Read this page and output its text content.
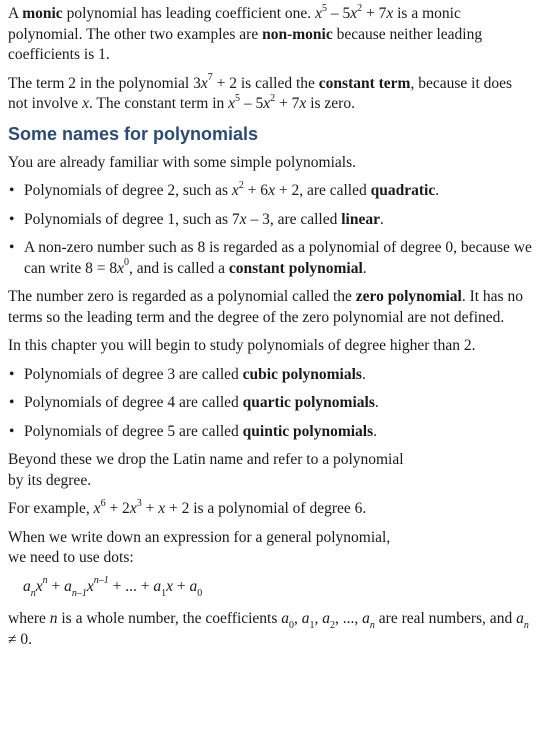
A monic polynomial has leading coefficient one. $x^5 - 5x^2 + 7x$ is a monic polynomial. The other two examples are non-monic because neither leading coefficients is 1.

The term 2 in the polynomial $3x^7 + 2$ is called the constant term, because it does not involve x. The constant term in $x^5 - 5x^2 + 7x$ is zero.

Some names for polynomials

You are already familiar with some simple polynomials.

• Polynomials of degree 2, such as $x^2 + 6x + 2$, are called quadratic.
• Polynomials of degree 1, such as 7x – 3, are called linear.
• A non-zero number such as 8 is regarded as a polynomial of degree 0, because we can write $8 = 8x^0$, and is called a constant polynomial.

The number zero is regarded as a polynomial called the zero polynomial. It has no terms so the leading term and the degree of the zero polynomial are not defined.

In this chapter you will begin to study polynomials of degree higher than 2.

• Polynomials of degree 3 are called cubic polynomials.
• Polynomials of degree 4 are called quartic polynomials.
• Polynomials of degree 5 are called quintic polynomials.

Beyond these we drop the Latin name and refer to a polynomial
by its degree.

For example, $x^6 + 2x^3 + x + 2$ is a polynomial of degree 6.

When we write down an expression for a general polynomial,
we need to use dots:

$a_nx^n + a_{n-1}x^{n-1}$ + ... + $a_1x + a_0$

where n is a whole number, the coefficients $a_0$, $a_1$, $a_2$, ..., $a_n$ are real numbers, and $a_n \ne 0$.
